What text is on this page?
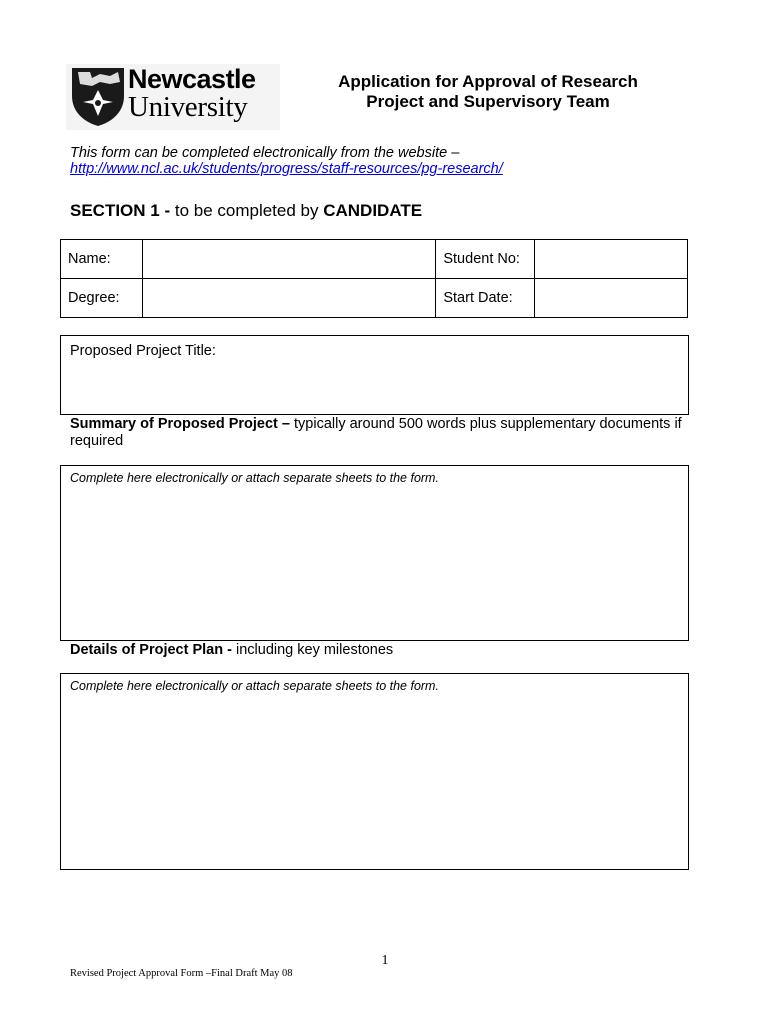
Newcastle
University
Application for Approval of Research
Project and Supervisory Team
This form can be completed electronically from the website –
http://www.ncl.ac.uk/students/progress/staff-resources/pg-research/
SECTION 1 - to be completed by CANDIDATE
Name:		Student No:	
Degree:		Start Date:	
Proposed Project Title:
Summary of Proposed Project – typically around 500 words plus supplementary documents if required
Complete here electronically or attach separate sheets to the form.
Details of Project Plan - including key milestones
Complete here electronically or attach separate sheets to the form.
1
Revised Project Approval Form –Final Draft May 08
